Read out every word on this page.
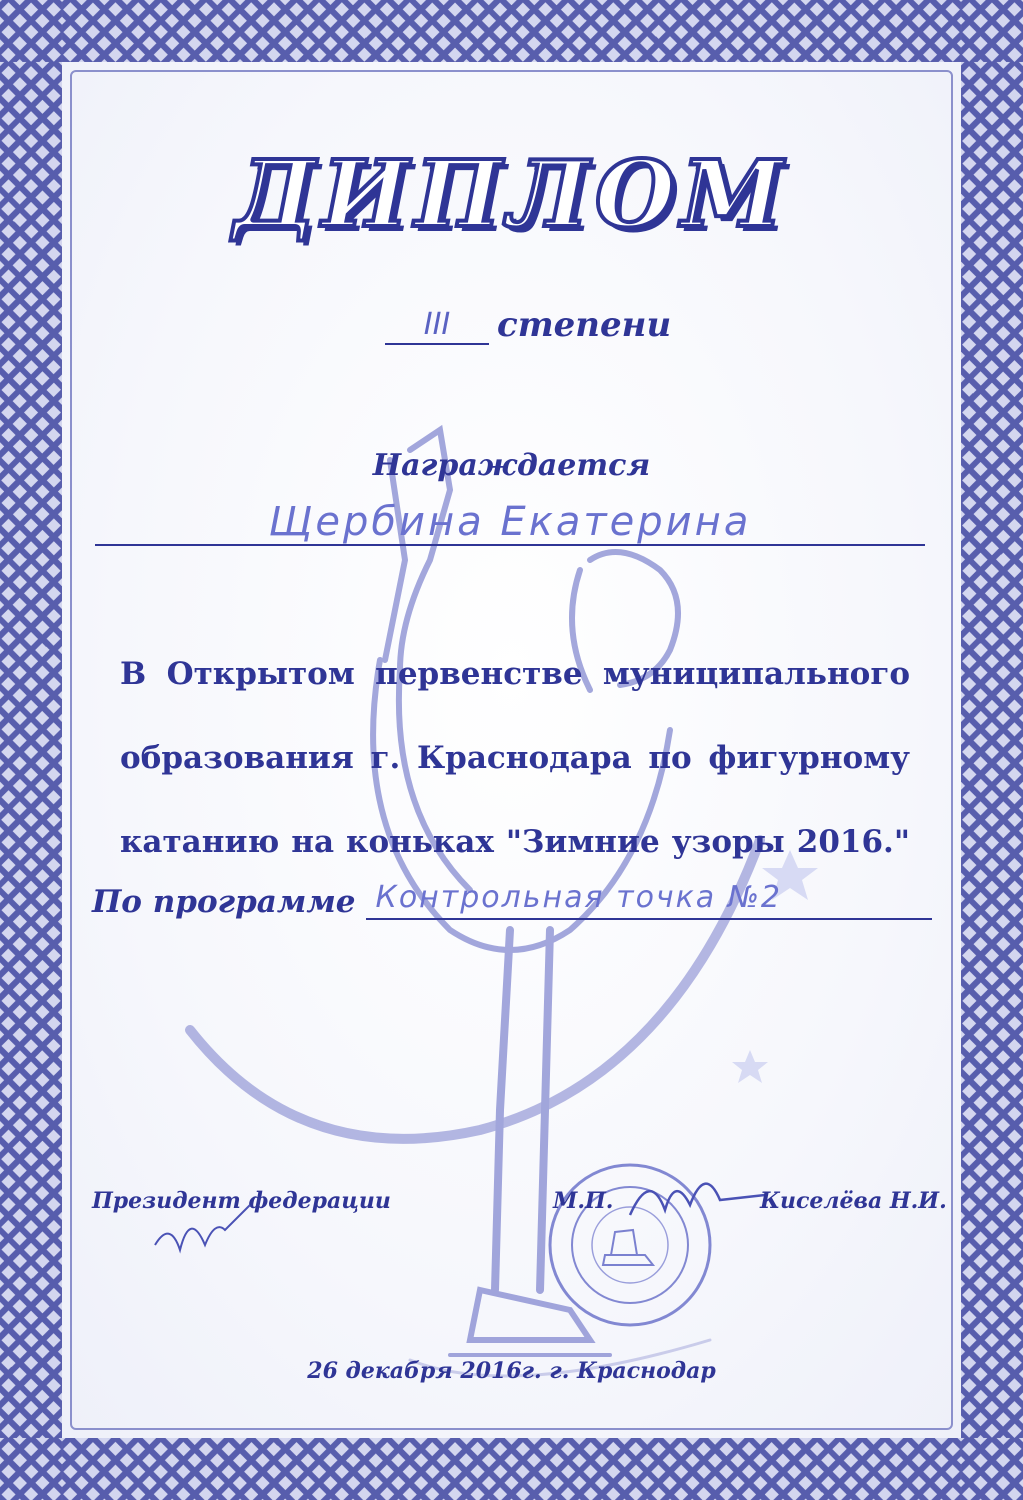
ДИПЛОМ
III	степени
Награждается
Щербина Екатерина
В Открытом первенстве муниципального
образования г. Краснодара по фигурному
катанию на коньках "Зимние узоры 2016."
По программе Контрольная точка №2
Президент федерации	М.П.	Киселёва Н.И.
26 декабря 2016г. г. Краснодар
